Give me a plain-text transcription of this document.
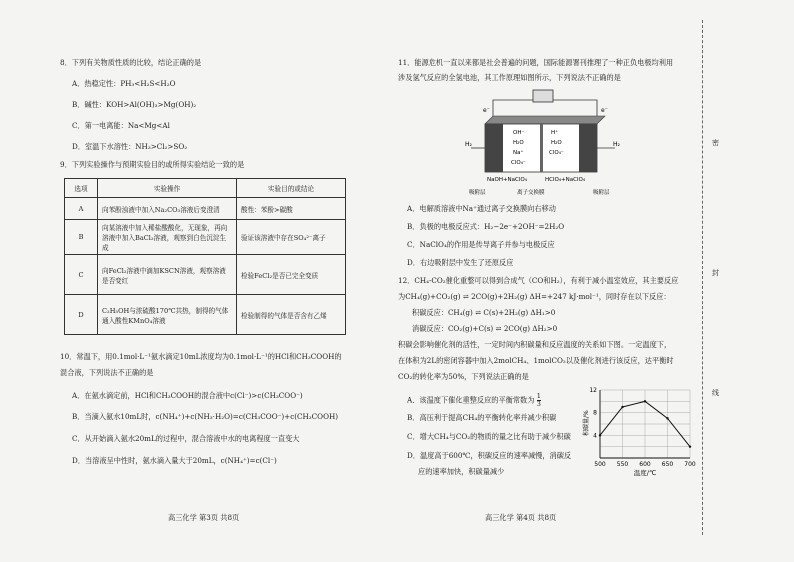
8．下列有关物质性质的比较，结论正确的是
A．热稳定性：PH₃<H₂S<H₂O
B．碱性：KOH>Al(OH)₃>Mg(OH)₂
C．第一电离能：Na<Mg<Al
D．室温下水溶性：NH₃>Cl₂>SO₂
9．下列实验操作与预期实验目的或所得实验结论一致的是
选项	实验操作	实验目的或结论
A	向苯酚浊液中加入Na₂CO₃溶液后变澄清	酸性：苯酚>碳酸
B	向某溶液中加入稀盐酸酸化，无现象，再向溶液中加入BaCl₂溶液，观察到白色沉淀生成	验证该溶液中存在SO₄²⁻离子
C	向FeCl₂溶液中滴加KSCN溶液，观察溶液是否变红	检验FeCl₂是否已完全变质
D	C₂H₅OH与浓硫酸170℃共热，制得的气体通入酸性KMnO₄溶液	检验制得的气体是否含有乙烯
10．常温下，用0.1mol·L⁻¹氨水滴定10mL浓度均为0.1mol·L⁻¹的HCl和CH₃COOH的
混合液，下列说法不正确的是
A．在氨水滴定前，HCl和CH₃COOH的混合液中c(Cl⁻)>c(CH₃COO⁻)
B．当滴入氨水10mL时，c(NH₄⁺)+c(NH₃·H₂O)=c(CH₃COO⁻)+c(CH₃COOH)
C．从开始滴入氨水20mL的过程中，混合溶液中水的电离程度一直变大
D．当溶液呈中性时，氨水滴入量大于20mL，c(NH₄⁺)=c(Cl⁻)
高三化学 第3页 共8页
11．能源危机一直以来都是社会普遍的问题，国际能源署刊推理了一种正负电极均利用
涉及氢气反应的全氢电池，其工作原理如图所示，下列说法不正确的是
e⁻	e⁻
OH⁻
H₂O
Na⁺
ClO₄⁻
H⁺
H₂O
ClO₄⁻
H₂	H₂
NaOH+NaClO₄	HClO₄+NaClO₄
吸附层	离子交换膜	吸附层
A．电解质溶液中Na⁺通过离子交换膜向右移动
B．负极的电极反应式：H₂−2e⁻+2OH⁻=2H₂O
C．NaClO₄的作用是传导离子并参与电极反应
D．右边吸附层中发生了还原反应
12．CH₄-CO₂催化重整可以得到合成气（CO和H₂），有利于减小温室效应，其主要反应
为CH₄(g)+CO₂(g) ⇌ 2CO(g)+2H₂(g) ΔH=+247 kJ·mol⁻¹，同时存在以下反应：
积碳反应：CH₄(g) ⇌ C(s)+2H₂(g) ΔH₁>0
消碳反应：CO₂(g)+C(s) ⇌ 2CO(g) ΔH₂>0
积碳会影响催化剂的活性，一定时间内积碳量和反应温度的关系如下图。一定温度下，
在体积为2L的密闭容器中加入2molCH₄、1molCO₂以及催化剂进行该反应，达平衡时
CO₂的转化率为50%，下列说法正确的是
A．该温度下催化重整反应的平衡常数为 $\frac{1}{3}$
B．高压利于提高CH₄的平衡转化率并减少积碳
C．增大CH₄与CO₂的物质的量之比有助于减少积碳
D．温度高于600℃，积碳反应的速率减慢，消碳反
应的速率加快，积碳量减少
500 550 600 650 700
4
8
12
积碳量/%
温度/℃
高三化学 第4页 共8页
密
封
线
